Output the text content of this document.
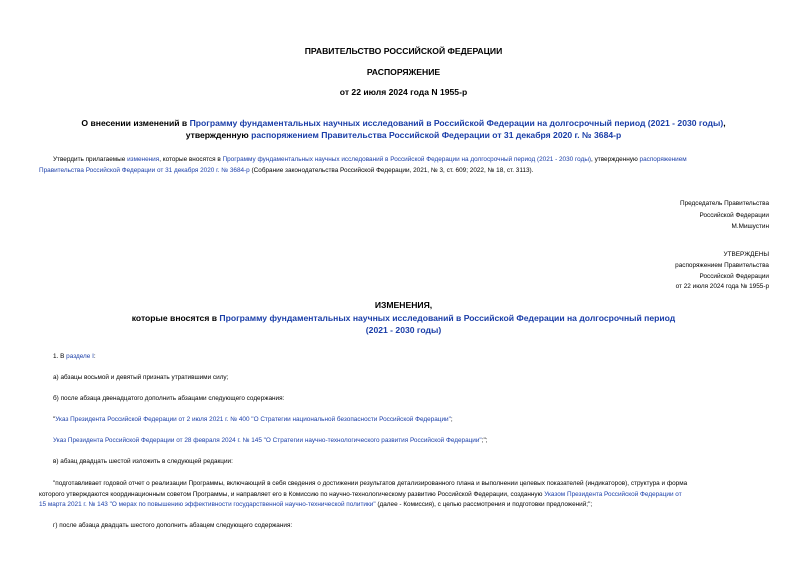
ПРАВИТЕЛЬСТВО РОССИЙСКОЙ ФЕДЕРАЦИИ
РАСПОРЯЖЕНИЕ
от 22 июля 2024 года N 1955-р
О внесении изменений в Программу фундаментальных научных исследований в Российской Федерации на долгосрочный период (2021 - 2030 годы),
утвержденную распоряжением Правительства Российской Федерации от 31 декабря 2020 г. № 3684-р
Утвердить прилагаемые изменения, которые вносятся в Программу фундаментальных научных исследований в Российской Федерации на долгосрочный период (2021 - 2030 годы), утвержденную распоряжением
Правительства Российской Федерации от 31 декабря 2020 г. № 3684-р (Собрание законодательства Российской Федерации, 2021, № 3, ст. 609; 2022, № 18, ст. 3113).
Председатель Правительства
Российской Федерации
М.Мишустин
УТВЕРЖДЕНЫ
распоряжением Правительства
Российской Федерации
от 22 июля 2024 года № 1955-р
ИЗМЕНЕНИЯ,
которые вносятся в Программу фундаментальных научных исследований в Российской Федерации на долгосрочный период
(2021 - 2030 годы)
1. В разделе I:
а) абзацы восьмой и девятый признать утратившими силу;
б) после абзаца двенадцатого дополнить абзацами следующего содержания:
"Указ Президента Российской Федерации от 2 июля 2021 г. № 400 "О Стратегии национальной безопасности Российской Федерации";
Указ Президента Российской Федерации от 28 февраля 2024 г. № 145 "О Стратегии научно-технологического развития Российской Федерации";";
в) абзац двадцать шестой изложить в следующей редакции:
"подготавливает годовой отчет о реализации Программы, включающий в себя сведения о достижении результатов детализированного плана и выполнении целевых показателей (индикаторов), структура и форма
которого утверждаются координационным советом Программы, и направляет его в Комиссию по научно-технологическому развитию Российской Федерации, созданную Указом Президента Российской Федерации от
15 марта 2021 г. № 143 "О мерах по повышению эффективности государственной научно-технической политики" (далее - Комиссия), с целью рассмотрения и подготовки предложений;";
г) после абзаца двадцать шестого дополнить абзацем следующего содержания:
